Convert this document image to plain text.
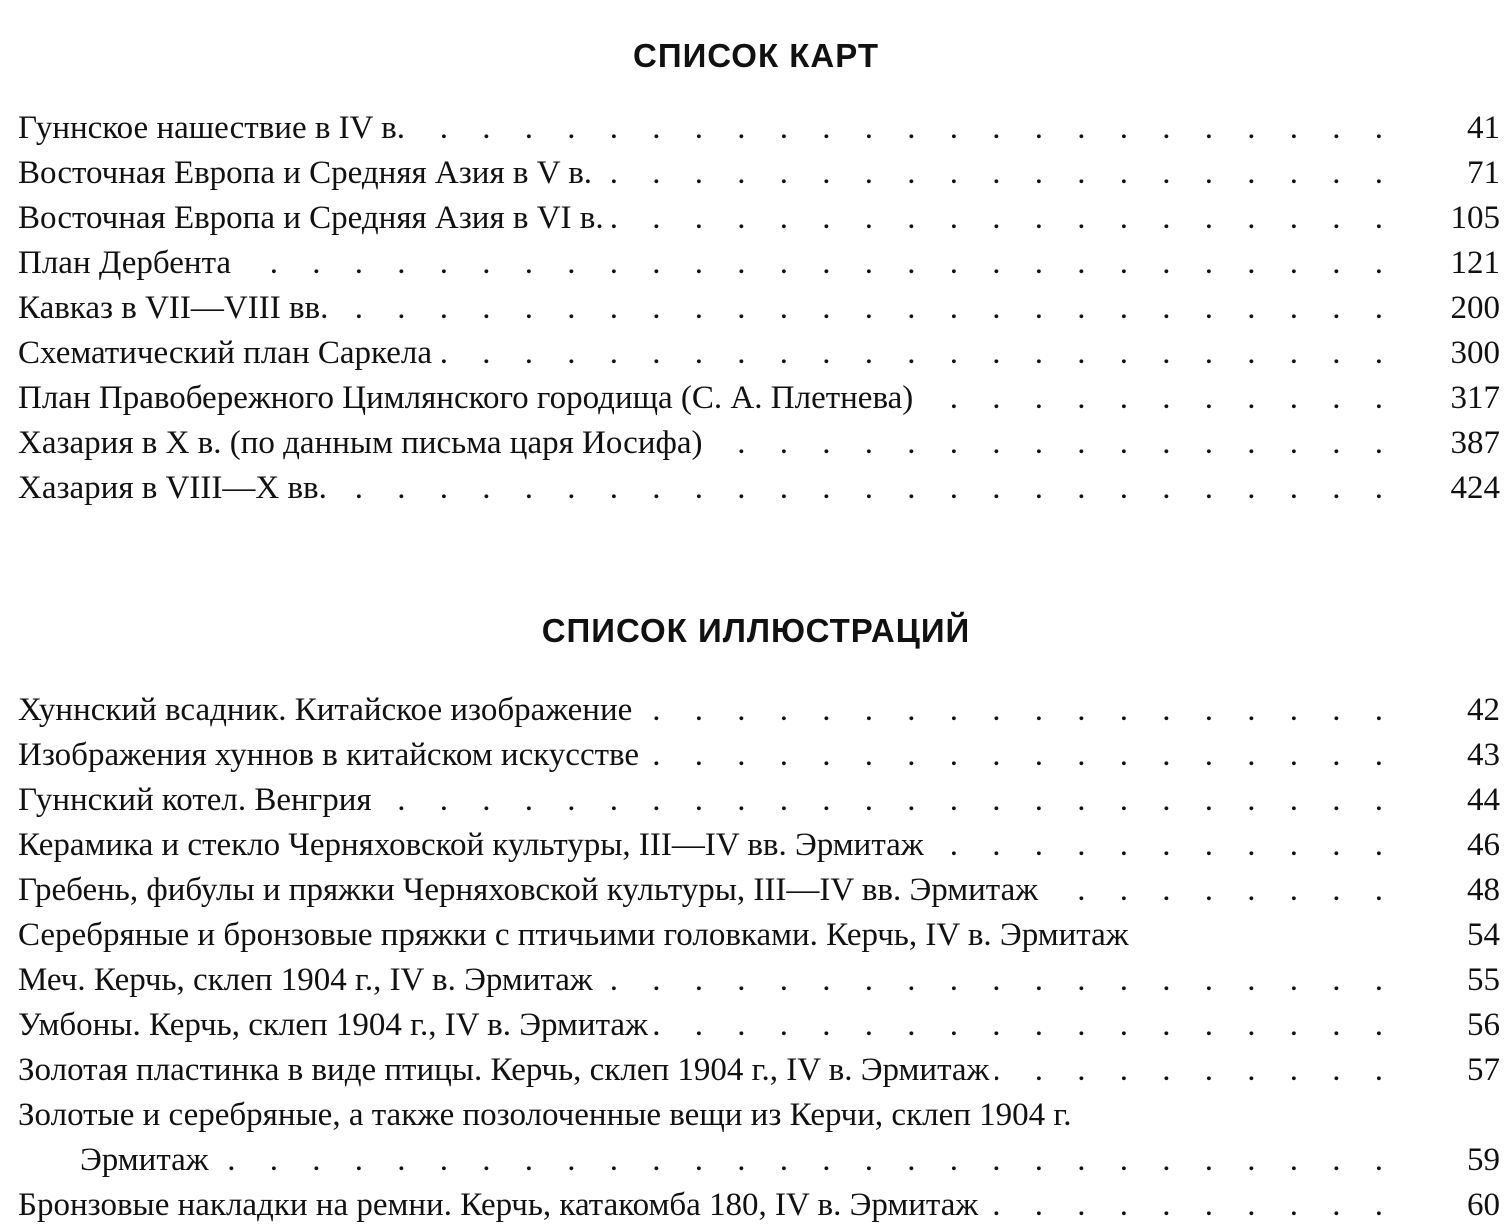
СПИСОК КАРТ
Гуннское нашествие в IV в. . . .	41
Восточная Европа и Средняя Азия в V в. . . .	71
Восточная Европа и Средняя Азия в VI в. . . .	105
План Дербента . . .	121
Кавказ в VII—VIII вв. . . .	200
Схематический план Саркела . . .	300
План Правобережного Цимлянского городища (С. А. Плетнева) . . .	317
Хазария в X в. (по данным письма царя Иосифа) . . .	387
Хазария в VIII—X вв. . . .	424
СПИСОК ИЛЛЮСТРАЦИЙ
Хуннский всадник. Китайское изображение . . .	42
Изображения хуннов в китайском искусстве . . .	43
Гуннский котел. Венгрия . . .	44
Керамика и стекло Черняховской культуры, III—IV вв. Эрмитаж . . .	46
Гребень, фибулы и пряжки Черняховской культуры, III—IV вв. Эрмитаж . . .	48
Серебряные и бронзовые пряжки с птичьими головками. Керчь, IV в. Эрмитаж	54
Меч. Керчь, склеп 1904 г., IV в. Эрмитаж . . .	55
Умбоны. Керчь, склеп 1904 г., IV в. Эрмитаж . . .	56
Золотая пластинка в виде птицы. Керчь, склеп 1904 г., IV в. Эрмитаж . . .	57
Золотые и серебряные, а также позолоченные вещи из Керчи, склеп 1904 г.
Эрмитаж . . .	59
Бронзовые накладки на ремни. Керчь, катакомба 180, IV в. Эрмитаж . . .	60
